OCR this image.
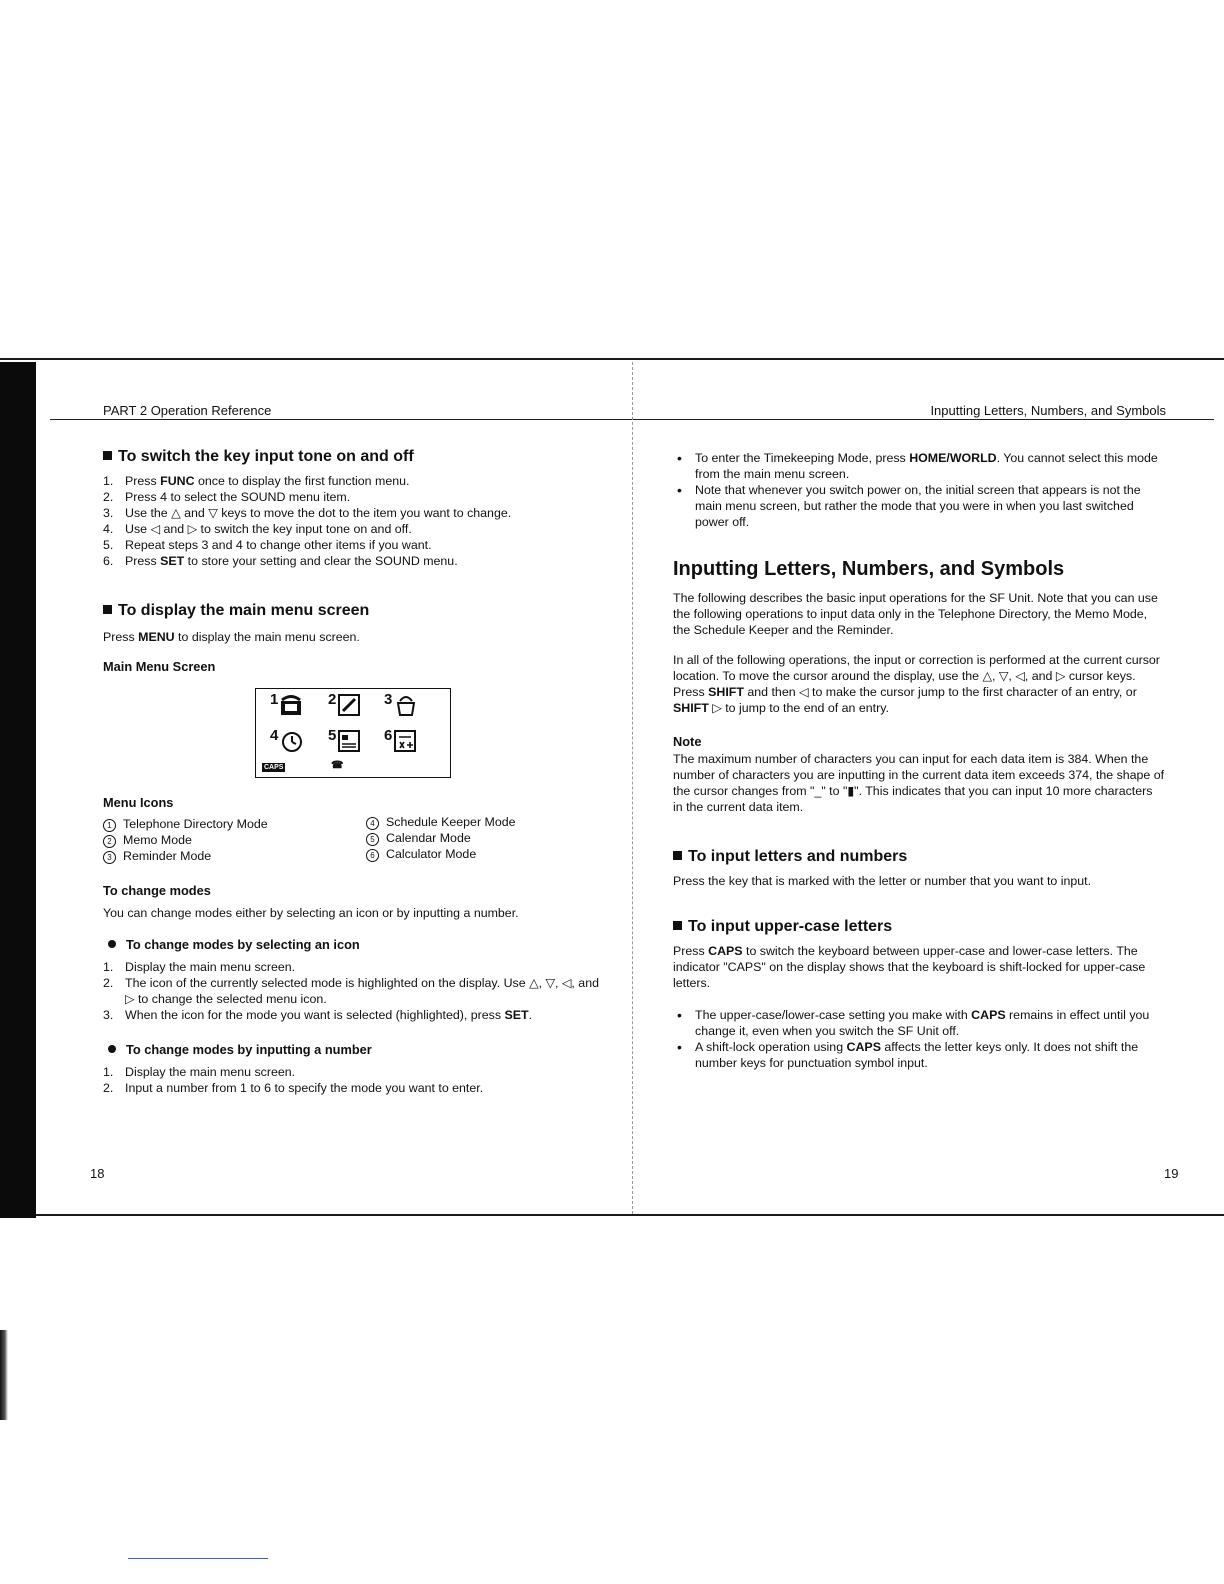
PART 2 Operation Reference
18
To switch the key input tone on and off
1. Press FUNC once to display the first function menu.
2. Press 4 to select the SOUND menu item.
3. Use the △ and ▽ keys to move the dot to the item you want to change.
4. Use ◁ and ▷ to switch the key input tone on and off.
5. Repeat steps 3 and 4 to change other items if you want.
6. Press SET to store your setting and clear the SOUND menu.
To display the main menu screen

Press MENU to display the main menu screen.

Main Menu Screen
1	2	3
4	5	6
CAPS	☎
Menu Icons
1 Telephone Directory Mode
2 Memo Mode
3 Reminder Mode
4 Schedule Keeper Mode
5 Calendar Mode
6 Calculator Mode
To change modes

You can change modes either by selecting an icon or by inputting a number.

To change modes by selecting an icon
1. Display the main menu screen.
2. The icon of the currently selected mode is highlighted on the display. Use △, ▽, ◁, and ▷ to change the selected menu icon.
3. When the icon for the mode you want is selected (highlighted), press SET.
To change modes by inputting a number
1. Display the main menu screen.
2. Input a number from 1 to 6 to specify the mode you want to enter.
Inputting Letters, Numbers, and Symbols
19
• To enter the Timekeeping Mode, press HOME/WORLD. You cannot select this mode from the main menu screen.
• Note that whenever you switch power on, the initial screen that appears is not the main menu screen, but rather the mode that you were in when you last switched power off.
Inputting Letters, Numbers, and Symbols

The following describes the basic input operations for the SF Unit. Note that you can use the following operations to input data only in the Telephone Directory, the Memo Mode, the Schedule Keeper and the Reminder.

In all of the following operations, the input or correction is performed at the current cursor location. To move the cursor around the display, use the △, ▽, ◁, and ▷ cursor keys. Press SHIFT and then ◁ to make the cursor jump to the first character of an entry, or SHIFT ▷ to jump to the end of an entry.

Note

The maximum number of characters you can input for each data item is 384. When the number of characters you are inputting in the current data item exceeds 374, the shape of the cursor changes from "_" to "▮". This indicates that you can input 10 more characters in the current data item.

To input letters and numbers

Press the key that is marked with the letter or number that you want to input.

To input upper-case letters

Press CAPS to switch the keyboard between upper-case and lower-case letters. The indicator "CAPS" on the display shows that the keyboard is shift-locked for upper-case letters.

• The upper-case/lower-case setting you make with CAPS remains in effect until you change it, even when you switch the SF Unit off.
• A shift-lock operation using CAPS affects the letter keys only. It does not shift the number keys for punctuation symbol input.
